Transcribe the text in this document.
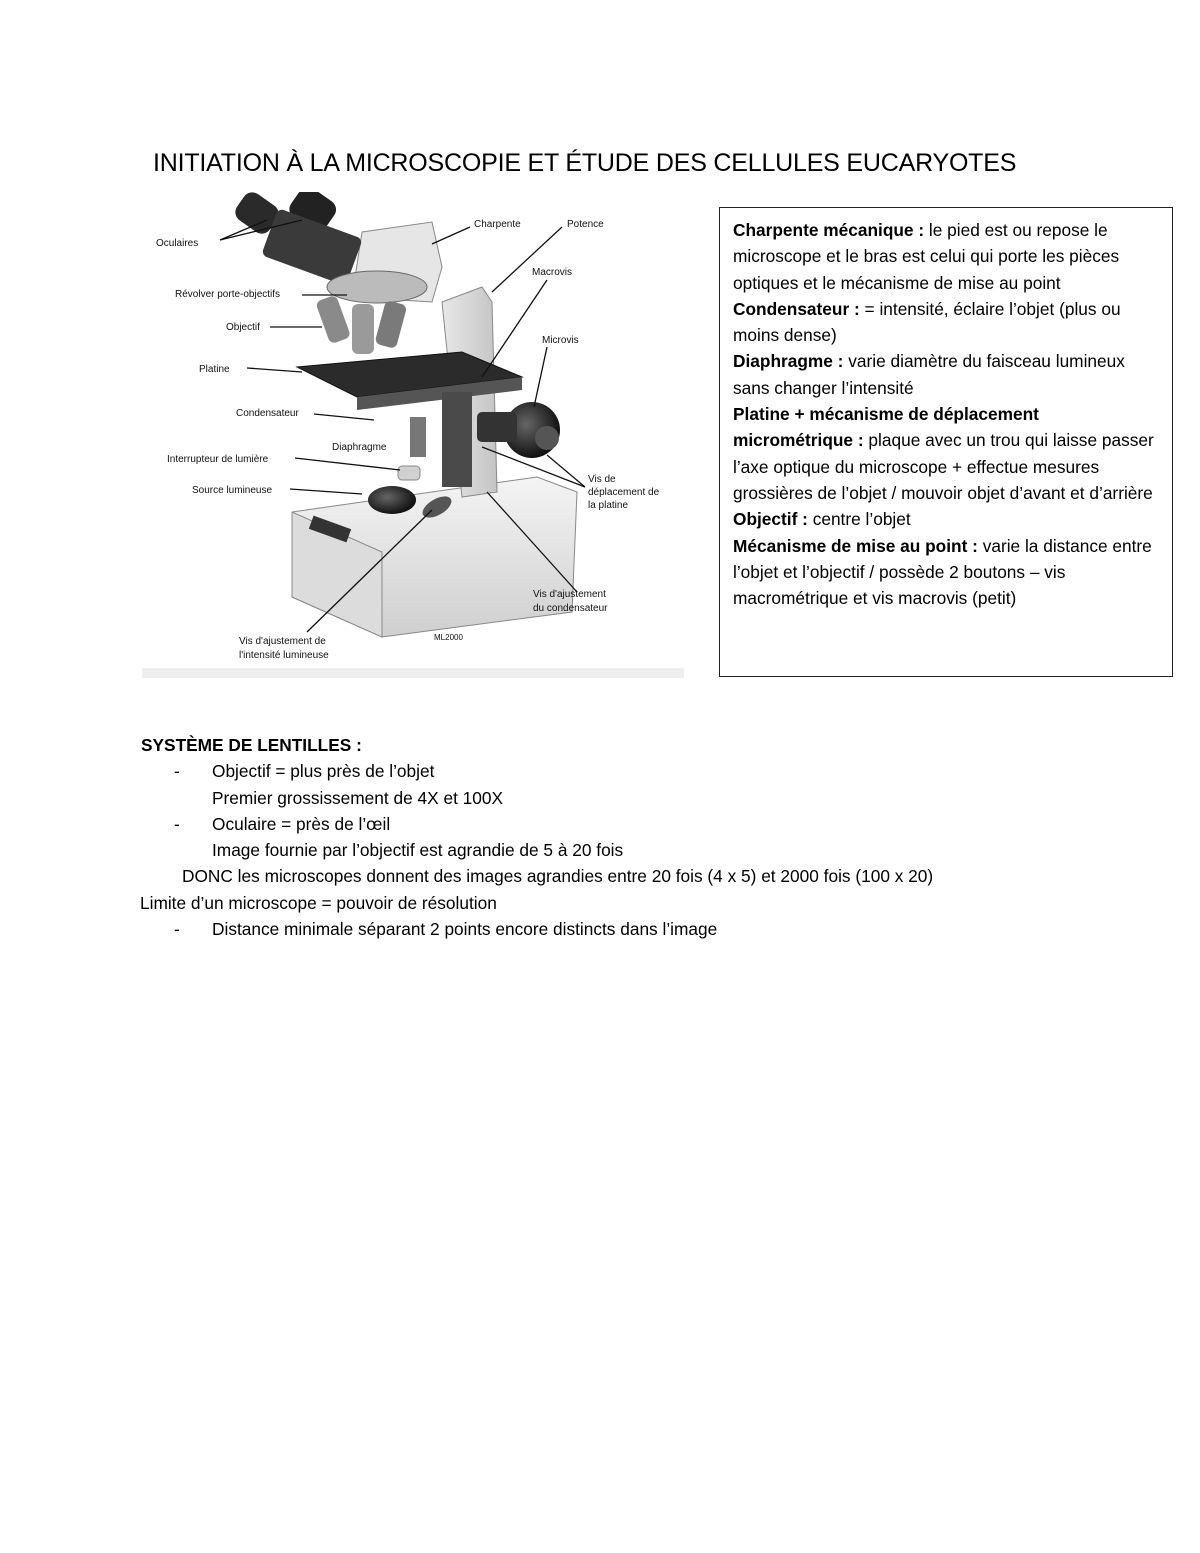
INITIATION À LA MICROSCOPIE ET ÉTUDE DES CELLULES EUCARYOTES
Oculaires
Révolver porte-objectifs
Objectif
Platine
Condensateur
Diaphragme
Interrupteur de lumière
Source lumineuse
Charpente	Potence
Macrovis
Microvis
Vis de
déplacement de
la platine
Vis d'ajustement
du condensateur
Vis d'ajustement de
l'intensité lumineuse
ML2000

Charpente mécanique : le pied est ou repose le microscope et le bras est celui qui porte les pièces optiques et le mécanisme de mise au point

Condensateur : = intensité, éclaire l’objet (plus ou moins dense)

Diaphragme : varie diamètre du faisceau lumineux sans changer l’intensité

Platine + mécanisme de déplacement micrométrique : plaque avec un trou qui laisse passer l’axe optique du microscope + effectue mesures grossières de l’objet / mouvoir objet d’avant et d’arrière

Objectif : centre l’objet

Mécanisme de mise au point : varie la distance entre l’objet et l’objectif / possède 2 boutons – vis macrométrique et vis macrovis (petit)

SYSTÈME DE LENTILLES :
-	Objectif = plus près de l’objet
Premier grossissement de 4X et 100X
-	Oculaire = près de l’œil
Image fournie par l’objectif est agrandie de 5 à 20 fois
DONC les microscopes donnent des images agrandies entre 20 fois (4 x 5) et 2000 fois (100 x 20)
Limite d’un microscope = pouvoir de résolution
-	Distance minimale séparant 2 points encore distincts dans l’image
